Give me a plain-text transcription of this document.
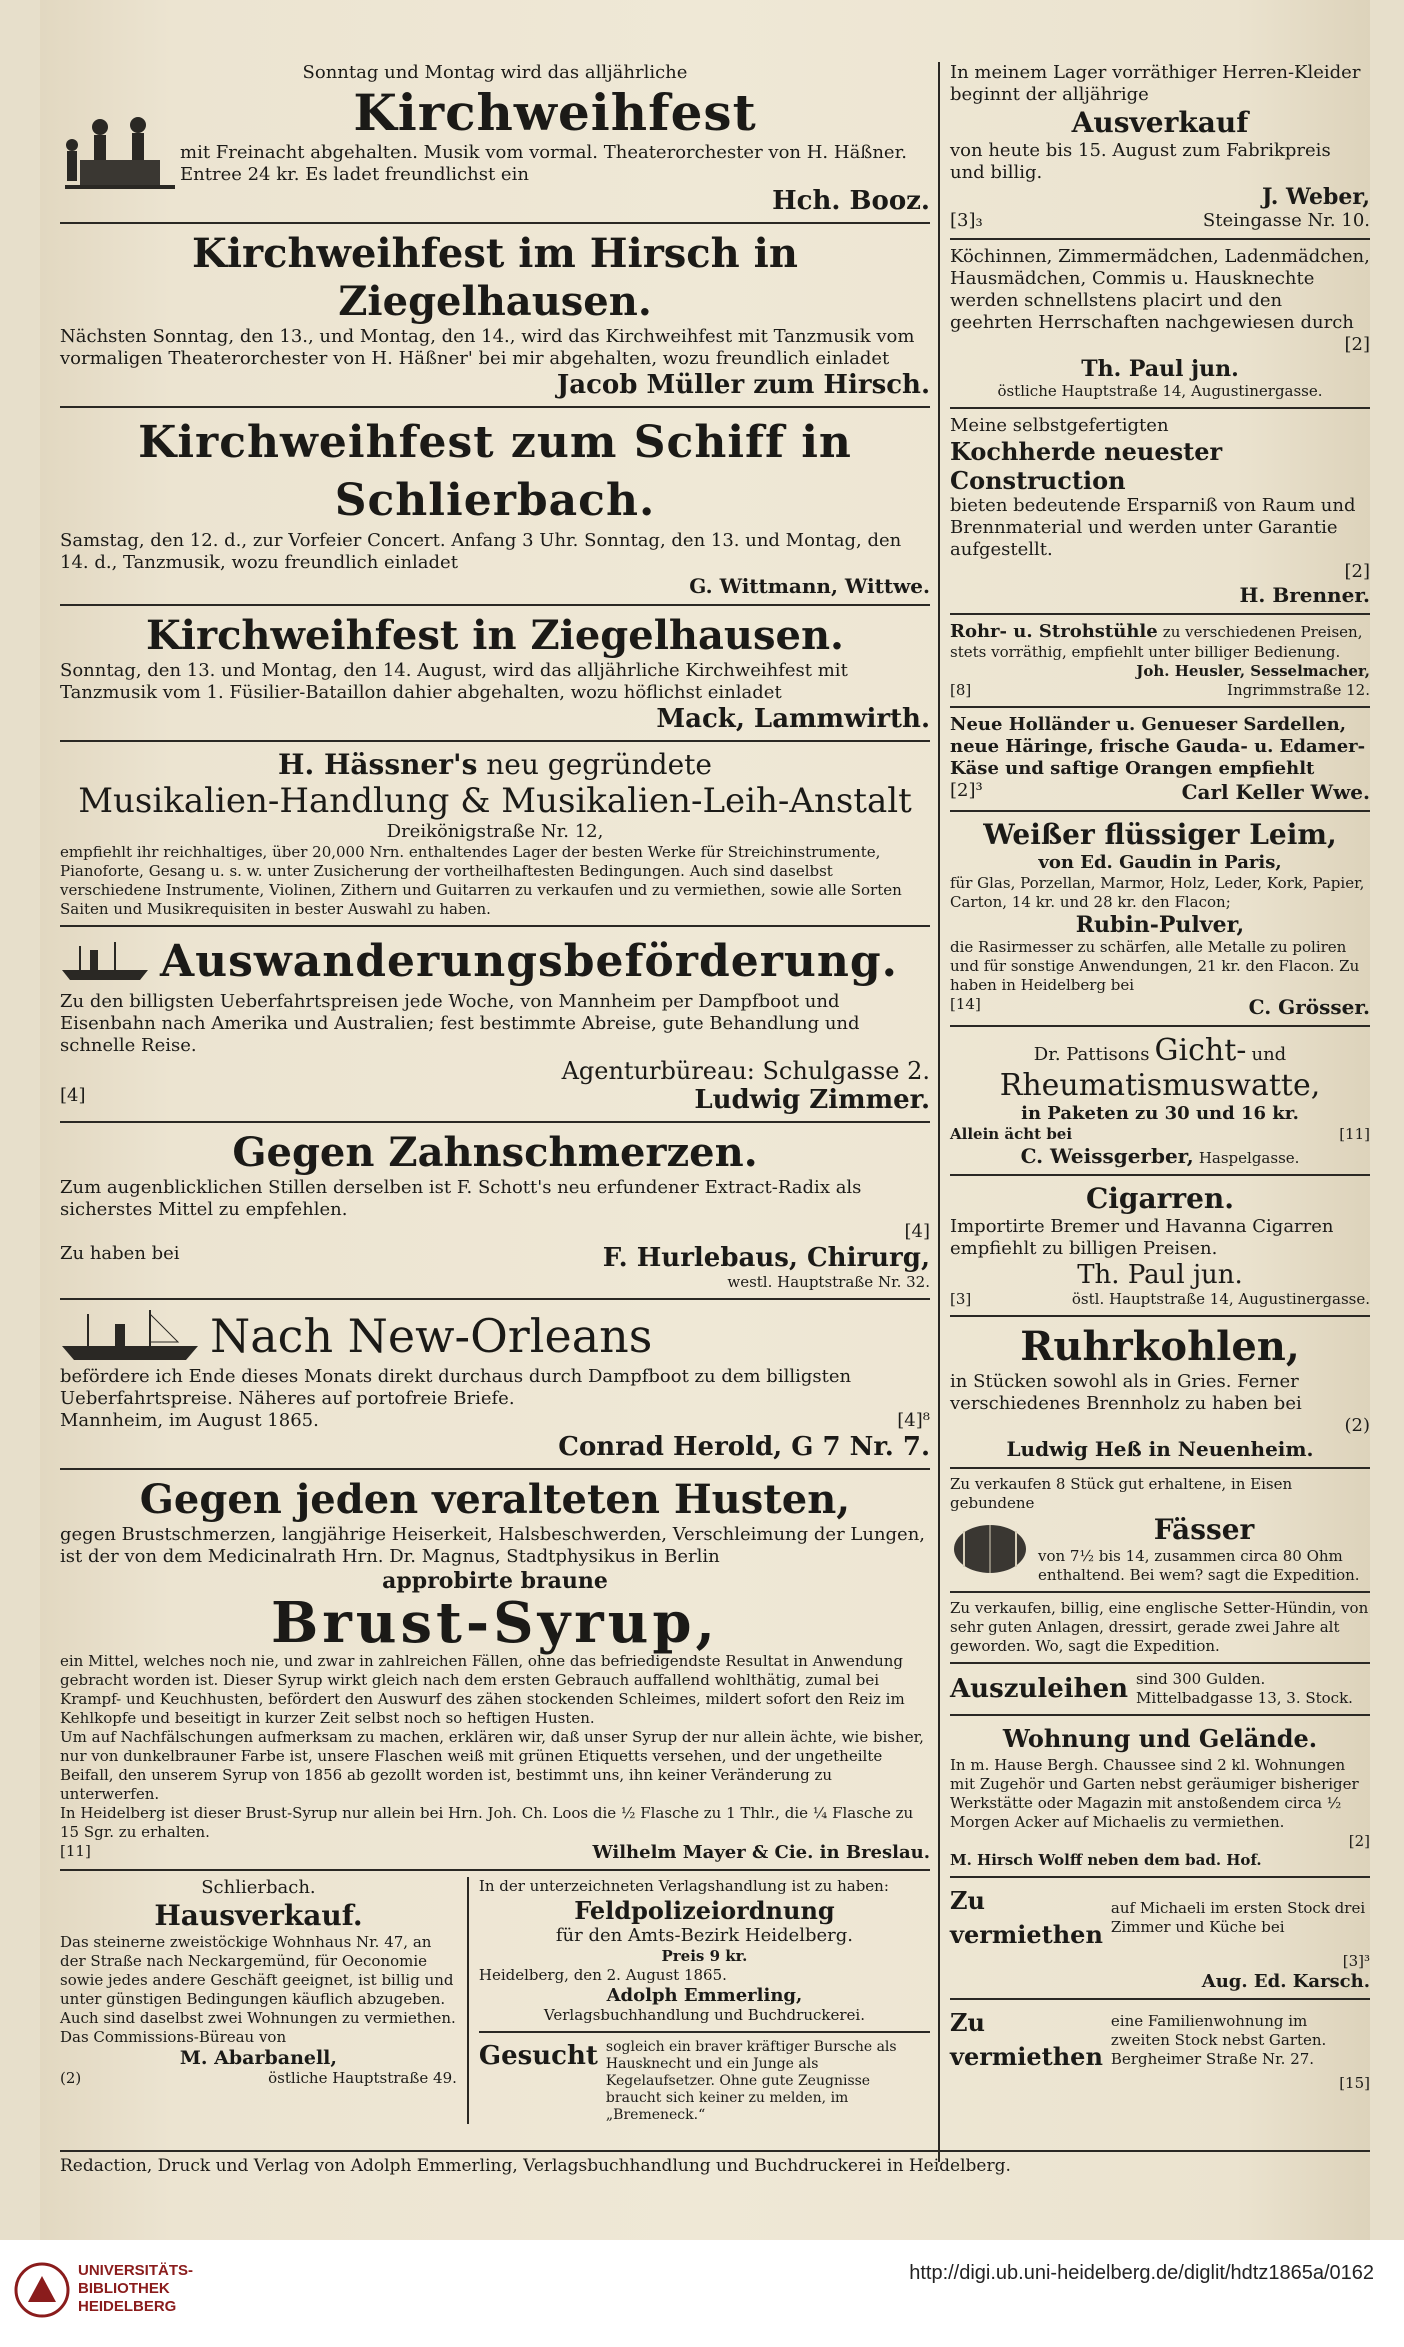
Sonntag und Montag wird das alljährliche
Kirchweihfest
mit Freinacht abgehalten. Musik vom vormal. Theaterorchester von H. Häßner. Entree 24 kr. Es ladet freundlichst ein
Hch. Booz.
Kirchweihfest im Hirsch in Ziegelhausen.
Nächsten Sonntag, den 13., und Montag, den 14., wird das Kirchweihfest mit Tanzmusik vom vormaligen Theaterorchester von H. Häßner' bei mir abgehalten, wozu freundlich einladet
Jacob Müller zum Hirsch.
Kirchweihfest zum Schiff in Schlierbach.
Samstag, den 12. d., zur Vorfeier Concert. Anfang 3 Uhr. Sonntag, den 13. und Montag, den 14. d., Tanzmusik, wozu freundlich einladet
G. Wittmann, Wittwe.
Kirchweihfest in Ziegelhausen.
Sonntag, den 13. und Montag, den 14. August, wird das alljährliche Kirchweihfest mit Tanzmusik vom 1. Füsilier-Bataillon dahier abgehalten, wozu höflichst einladet
Mack, Lammwirth.
H. Hässner's neu gegründete
Musikalien-Handlung & Musikalien-Leih-Anstalt
Dreikönigstraße Nr. 12,
empfiehlt ihr reichhaltiges, über 20,000 Nrn. enthaltendes Lager der besten Werke für Streichinstrumente, Pianoforte, Gesang u. s. w. unter Zusicherung der vortheilhaftesten Bedingungen. Auch sind daselbst verschiedene Instrumente, Violinen, Zithern und Guitarren zu verkaufen und zu vermiethen, sowie alle Sorten Saiten und Musikrequisiten in bester Auswahl zu haben.
Auswanderungsbeförderung.
Zu den billigsten Ueberfahrtspreisen jede Woche, von Mannheim per Dampfboot und Eisenbahn nach Amerika und Australien; fest bestimmte Abreise, gute Behandlung und schnelle Reise.
Agenturbüreau: Schulgasse 2.
[4]	Ludwig Zimmer.
Gegen Zahnschmerzen.
Zum augenblicklichen Stillen derselben ist F. Schott's neu erfundener Extract-Radix als sicherstes Mittel zu empfehlen.
[4]
Zu haben bei	F. Hurlebaus, Chirurg,
westl. Hauptstraße Nr. 32.
Nach New-Orleans
befördere ich Ende dieses Monats direkt durchaus durch Dampfboot zu dem billigsten Ueberfahrtspreise. Näheres auf portofreie Briefe.
Mannheim, im August 1865.	[4]⁸
Conrad Herold, G 7 Nr. 7.
Gegen jeden veralteten Husten,
gegen Brustschmerzen, langjährige Heiserkeit, Halsbeschwerden, Verschleimung der Lungen, ist der von dem Medicinalrath Hrn. Dr. Magnus, Stadtphysikus in Berlin
approbirte braune
Brust-Syrup,
ein Mittel, welches noch nie, und zwar in zahlreichen Fällen, ohne das befriedigendste Resultat in Anwendung gebracht worden ist. Dieser Syrup wirkt gleich nach dem ersten Gebrauch auffallend wohlthätig, zumal bei Krampf- und Keuchhusten, befördert den Auswurf des zähen stockenden Schleimes, mildert sofort den Reiz im Kehlkopfe und beseitigt in kurzer Zeit selbst noch so heftigen Husten.
Um auf Nachfälschungen aufmerksam zu machen, erklären wir, daß unser Syrup der nur allein ächte, wie bisher, nur von dunkelbrauner Farbe ist, unsere Flaschen weiß mit grünen Etiquetts versehen, und der ungetheilte Beifall, den unserem Syrup von 1856 ab gezollt worden ist, bestimmt uns, ihn keiner Veränderung zu unterwerfen.
In Heidelberg ist dieser Brust-Syrup nur allein bei Hrn. Joh. Ch. Loos die ½ Flasche zu 1 Thlr., die ¼ Flasche zu 15 Sgr. zu erhalten.
[11]	Wilhelm Mayer & Cie. in Breslau.
Schlierbach.
Hausverkauf.
Das steinerne zweistöckige Wohnhaus Nr. 47, an der Straße nach Neckargemünd, für Oeconomie sowie jedes andere Geschäft geeignet, ist billig und unter günstigen Bedingungen käuflich abzugeben. Auch sind daselbst zwei Wohnungen zu vermiethen. Das Commissions-Büreau von
M. Abarbanell,
(2)	östliche Hauptstraße 49.
In der unterzeichneten Verlagshandlung ist zu haben:
Feldpolizeiordnung
für den Amts-Bezirk Heidelberg.
Preis 9 kr.
Heidelberg, den 2. August 1865.
Adolph Emmerling,
Verlagsbuchhandlung und Buchdruckerei.
Gesucht sogleich ein braver kräftiger Bursche als Hausknecht und ein Junge als Kegelaufsetzer. Ohne gute Zeugnisse braucht sich keiner zu melden, im „Bremeneck.“
In meinem Lager vorräthiger Herren-Kleider beginnt der alljährige
Ausverkauf
von heute bis 15. August zum Fabrikpreis und billig.
J. Weber,
[3]₃	Steingasse Nr. 10.
Köchinnen, Zimmermädchen, Ladenmädchen, Hausmädchen, Commis u. Hausknechte werden schnellstens placirt und den geehrten Herrschaften nachgewiesen durch
[2]
Th. Paul jun.
östliche Hauptstraße 14, Augustinergasse.
Meine selbstgefertigten
Kochherde neuester Construction
bieten bedeutende Ersparniß von Raum und Brennmaterial und werden unter Garantie aufgestellt.
[2]
H. Brenner.
Rohr- u. Strohstühle zu verschiedenen Preisen, stets vorräthig, empfiehlt unter billiger Bedienung.
Joh. Heusler, Sesselmacher,
[8]	Ingrimmstraße 12.
Neue Holländer u. Genueser Sardellen, neue Häringe, frische Gauda- u. Edamer-Käse und saftige Orangen empfiehlt
[2]³	Carl Keller Wwe.
Weißer flüssiger Leim,
von Ed. Gaudin in Paris,
für Glas, Porzellan, Marmor, Holz, Leder, Kork, Papier, Carton, 14 kr. und 28 kr. den Flacon;
Rubin-Pulver,
die Rasirmesser zu schärfen, alle Metalle zu poliren und für sonstige Anwendungen, 21 kr. den Flacon. Zu haben in Heidelberg bei
[14]	C. Grösser.
Dr. Pattisons Gicht- und
Rheumatismuswatte,
in Paketen zu 30 und 16 kr.
Allein ächt bei	[11]
C. Weissgerber, Haspelgasse.
Cigarren.
Importirte Bremer und Havanna Cigarren empfiehlt zu billigen Preisen.
Th. Paul jun.
[3]	östl. Hauptstraße 14, Augustinergasse.
Ruhrkohlen,
in Stücken sowohl als in Gries. Ferner verschiedenes Brennholz zu haben bei
(2)
Ludwig Heß in Neuenheim.
Zu verkaufen 8 Stück gut erhaltene, in Eisen gebundene
Fässer
von 7½ bis 14, zusammen circa 80 Ohm enthaltend. Bei wem? sagt die Expedition.
Zu verkaufen, billig, eine englische Setter-Hündin, von sehr guten Anlagen, dressirt, gerade zwei Jahre alt geworden. Wo, sagt die Expedition.
Auszuleihen sind 300 Gulden. Mittelbadgasse 13, 3. Stock.
Wohnung und Gelände.
In m. Hause Bergh. Chaussee sind 2 kl. Wohnungen mit Zugehör und Garten nebst geräumiger bisheriger Werkstätte oder Magazin mit anstoßendem circa ½ Morgen Acker auf Michaelis zu vermiethen.
[2]
M. Hirsch Wolff neben dem bad. Hof.
Zu vermiethen
auf Michaeli im ersten Stock drei Zimmer und Küche bei
[3]³
Aug. Ed. Karsch.
Zu vermiethen
eine Familienwohnung im zweiten Stock nebst Garten. Bergheimer Straße Nr. 27.
[15]
Redaction, Druck und Verlag von Adolph Emmerling, Verlagsbuchhandlung und Buchdruckerei in Heidelberg.
UNIVERSITÄTS-
BIBLIOTHEK
HEIDELBERG
http://digi.ub.uni-heidelberg.de/diglit/hdtz1865a/0162
